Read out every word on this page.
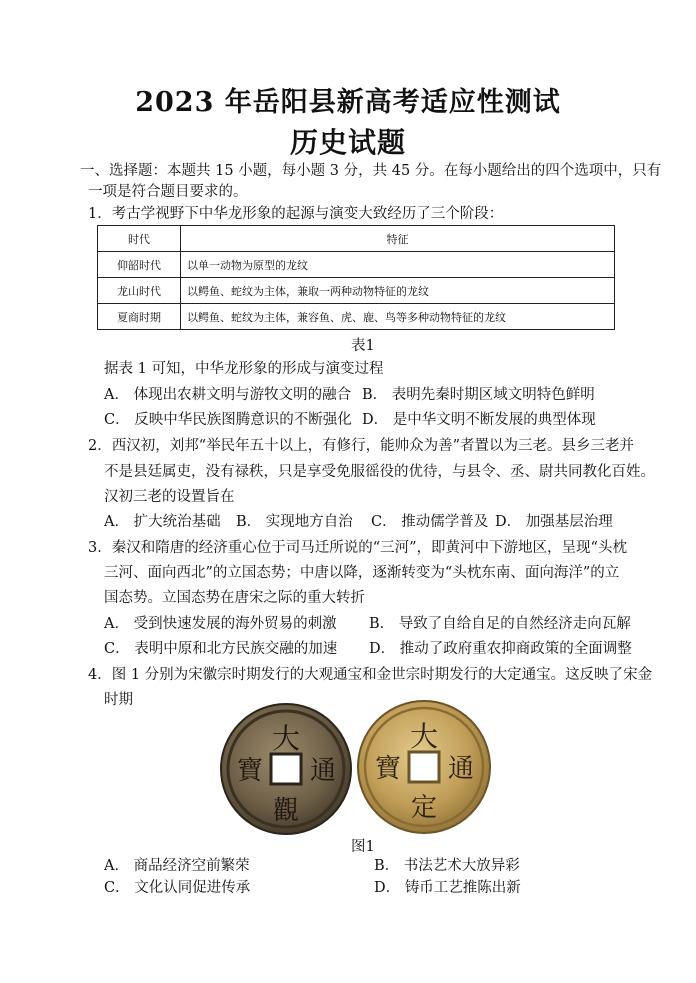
2023 年岳阳县新高考适应性测试
历史试题
一、选择题：本题共 15 小题，每小题 3 分，共 45 分。在每小题给出的四个选项中，只有
一项是符合题目要求的。
1．考古学视野下中华龙形象的起源与演变大致经历了三个阶段：
时代	特征
仰韶时代	以单一动物为原型的龙纹
龙山时代	以鳄鱼、蛇纹为主体，兼取一两种动物特征的龙纹
夏商时期	以鳄鱼、蛇纹为主体，兼容鱼、虎、鹿、鸟等多种动物特征的龙纹
表1
据表 1 可知，中华龙形象的形成与演变过程
A． 体现出农耕文明与游牧文明的融合 B． 表明先秦时期区域文明特色鲜明
C． 反映中华民族图腾意识的不断强化 D． 是中华文明不断发展的典型体现
2．西汉初，刘邦“举民年五十以上，有修行，能帅众为善”者置以为三老。县乡三老并
不是县廷属吏，没有禄秩，只是享受免服徭役的优待，与县令、丞、尉共同教化百姓。
汉初三老的设置旨在
A． 扩大统治基础 B． 实现地方自治 C． 推动儒学普及 D． 加强基层治理
3．秦汉和隋唐的经济重心位于司马迁所说的“三河”，即黄河中下游地区，呈现“头枕
三河、面向西北”的立国态势；中唐以降，逐渐转变为“头枕东南、面向海洋”的立
国态势。立国态势在唐宋之际的重大转折
A． 受到快速发展的海外贸易的刺激 B． 导致了自给自足的自然经济走向瓦解
C． 表明中原和北方民族交融的加速 D． 推动了政府重农抑商政策的全面调整
4．图 1 分别为宋徽宗时期发行的大观通宝和金世宗时期发行的大定通宝。这反映了宋金
时期
大
通
觀
寶
大
通
定
寶
图1
A． 商品经济空前繁荣	B． 书法艺术大放异彩
C． 文化认同促进传承	D． 铸币工艺推陈出新
